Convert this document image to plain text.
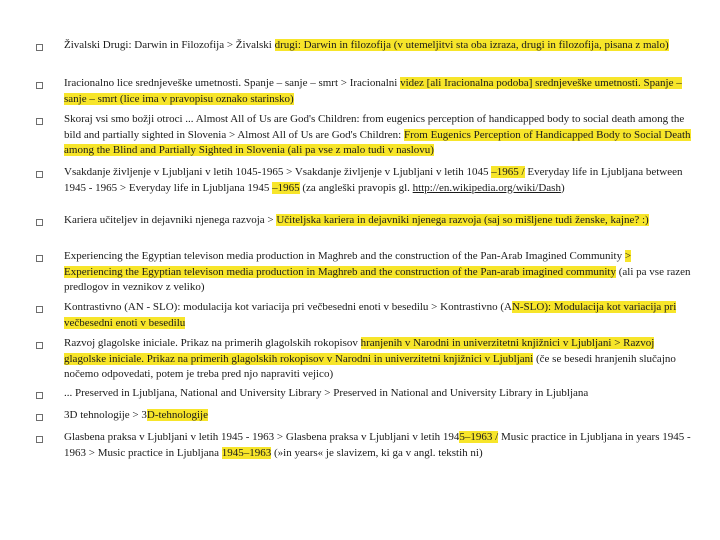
Živalski Drugi: Darwin in Filozofija > Živalski drugi: Darwin in filozofija (v utemeljitvi sta oba izraza, drugi in filozofija, pisana z malo)
Iracionalno lice srednjeveške umetnosti. Spanje – sanje – smrt > Iracionalni videz [ali Iracionalna podoba] srednjeveške umetnosti. Spanje – sanje – smrt (lice ima v pravopisu oznako starinsko)
Skoraj vsi smo božji otroci ... Almost All of Us are God's Children: from eugenics perception of handicapped body to social death among the bild and partially sighted in Slovenia > Almost All of Us are God's Children: From Eugenics Perception of Handicapped Body to Social Death among the Blind and Partially Sighted in Slovenia (ali pa vse z malo tudi v naslovu)
Vsakdanje življenje v Ljubljani v letih 1045-1965 > Vsakdanje življenje v Ljubljani v letih 1045 –1965 / Everyday life in Ljubljana between 1945 - 1965 > Everyday life in Ljubljana 1945 –1965 (za angleški pravopis gl. http://en.wikipedia.org/wiki/Dash)
Kariera učiteljev in dejavniki njenega razvoja > Učiteljska kariera in dejavniki njenega razvoja (saj so mišljene tudi ženske, kajne? :)
Experiencing the Egyptian televison media production in Maghreb and the construction of the Pan-Arab Imagined Community > Experiencing the Egyptian televison media production in Maghreb and the construction of the Pan-arab imagined community (ali pa vse razen predlogov in veznikov z veliko)
Kontrastivno (AN - SLO): modulacija kot variacija pri večbesedni enoti v besedilu > Kontrastivno (AN-SLO): Modulacija kot variacija pri večbesedni enoti v besedilu
Razvoj glagolske iniciale. Prikaz na primerih glagolskih rokopisov hranjenih v Narodni in univerzitetni knjižnici v Ljubljani > Razvoj glagolske iniciale. Prikaz na primerih glagolskih rokopisov v Narodni in univerzitetni knjižnici v Ljubljani (če se besedi hranjenih slučajno nočemo odpovedati, potem je treba pred njo napraviti vejico)
... Preserved in Ljubljana, National and University Library > Preserved in National and University Library in Ljubljana
3D tehnologije > 3D-tehnologije
Glasbena praksa v Ljubljani v letih 1945 - 1963 > Glasbena praksa v Ljubljani v letih 1945–1963 / Music practice in Ljubljana in years 1945 - 1963 > Music practice in Ljubljana 1945–1963 (»in years« je slavizem, ki ga v angl. tekstih ni)
